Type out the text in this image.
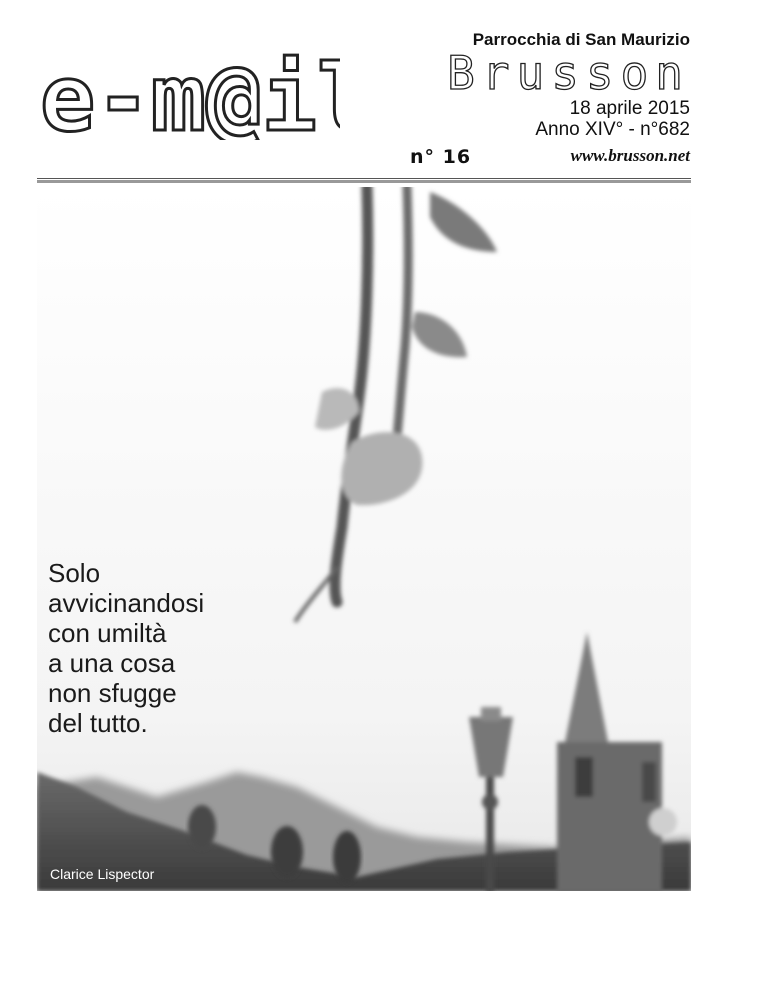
e-m@il
Parrocchia di San Maurizio
Brusson
18 aprile 2015
Anno XIV° - n°682
n° 16	www.brusson.net
Solo
avvicinandosi
con umiltà
a una cosa
non sfugge
del tutto.
Clarice Lispector
